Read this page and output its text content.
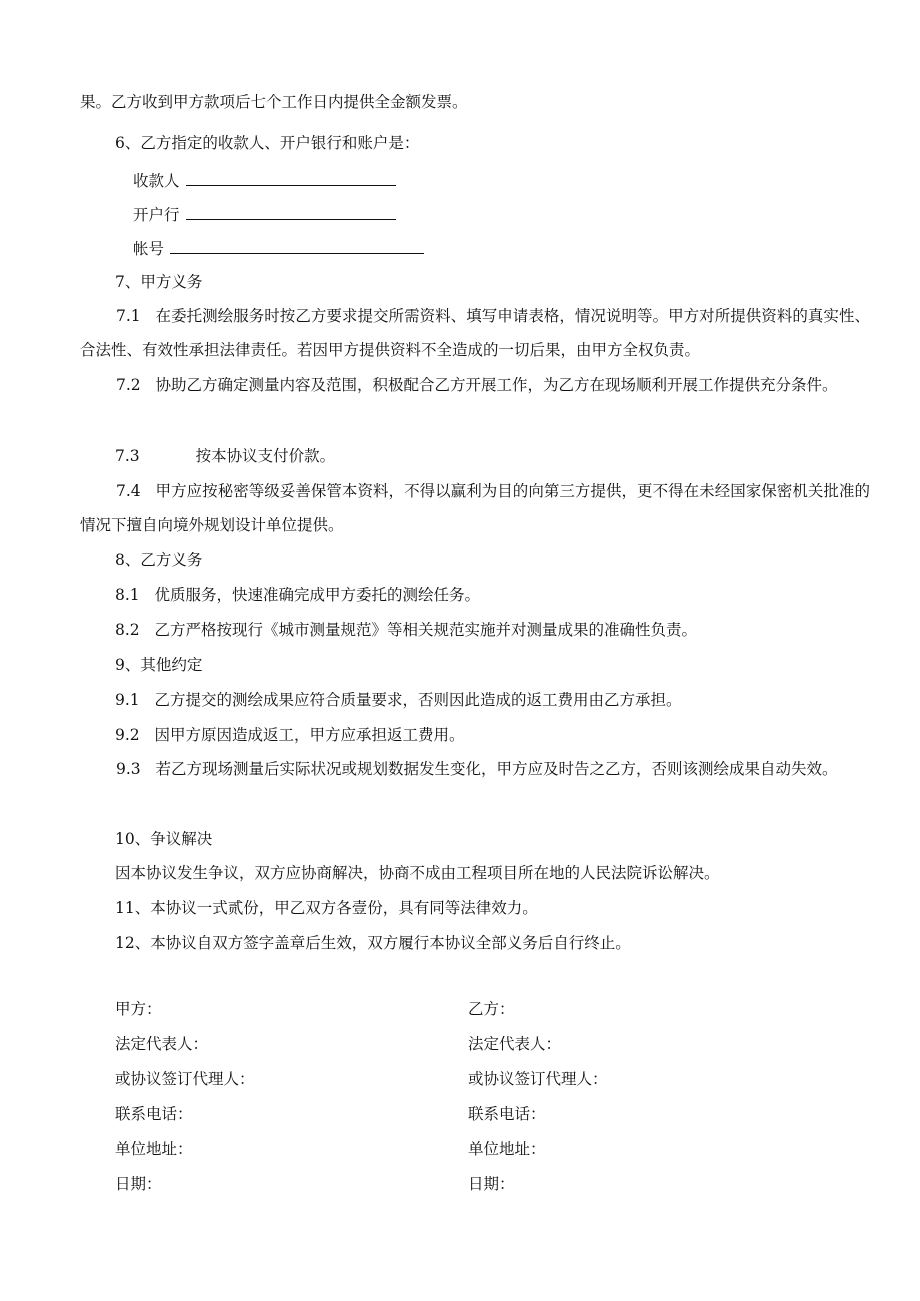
果。乙方收到甲方款项后七个工作日内提供全金额发票。
6、乙方指定的收款人、开户银行和账户是：
收款人
开户行
帐号
7、甲方义务
7.1 在委托测绘服务时按乙方要求提交所需资料、填写申请表格，情况说明等。甲方对所提供资料的真实性、合法性、有效性承担法律责任。若因甲方提供资料不全造成的一切后果，由甲方全权负责。
7.2 协助乙方确定测量内容及范围，积极配合乙方开展工作，为乙方在现场顺利开展工作提供充分条件。
7.3	按本协议支付价款。
7.4 甲方应按秘密等级妥善保管本资料，不得以赢利为目的向第三方提供，更不得在未经国家保密机关批准的情况下擅自向境外规划设计单位提供。
8、乙方义务
8.1 优质服务，快速准确完成甲方委托的测绘任务。
8.2 乙方严格按现行《城市测量规范》等相关规范实施并对测量成果的准确性负责。
9、其他约定
9.1 乙方提交的测绘成果应符合质量要求，否则因此造成的返工费用由乙方承担。
9.2 因甲方原因造成返工，甲方应承担返工费用。
9.3 若乙方现场测量后实际状况或规划数据发生变化，甲方应及时告之乙方，否则该测绘成果自动失效。
10、争议解决
因本协议发生争议，双方应协商解决，协商不成由工程项目所在地的人民法院诉讼解决。
11、本协议一式贰份，甲乙双方各壹份，具有同等法律效力。
12、本协议自双方签字盖章后生效，双方履行本协议全部义务后自行终止。
甲方：
法定代表人：
或协议签订代理人：
联系电话：
单位地址：
日期：
乙方：
法定代表人：
或协议签订代理人：
联系电话：
单位地址：
日期：
